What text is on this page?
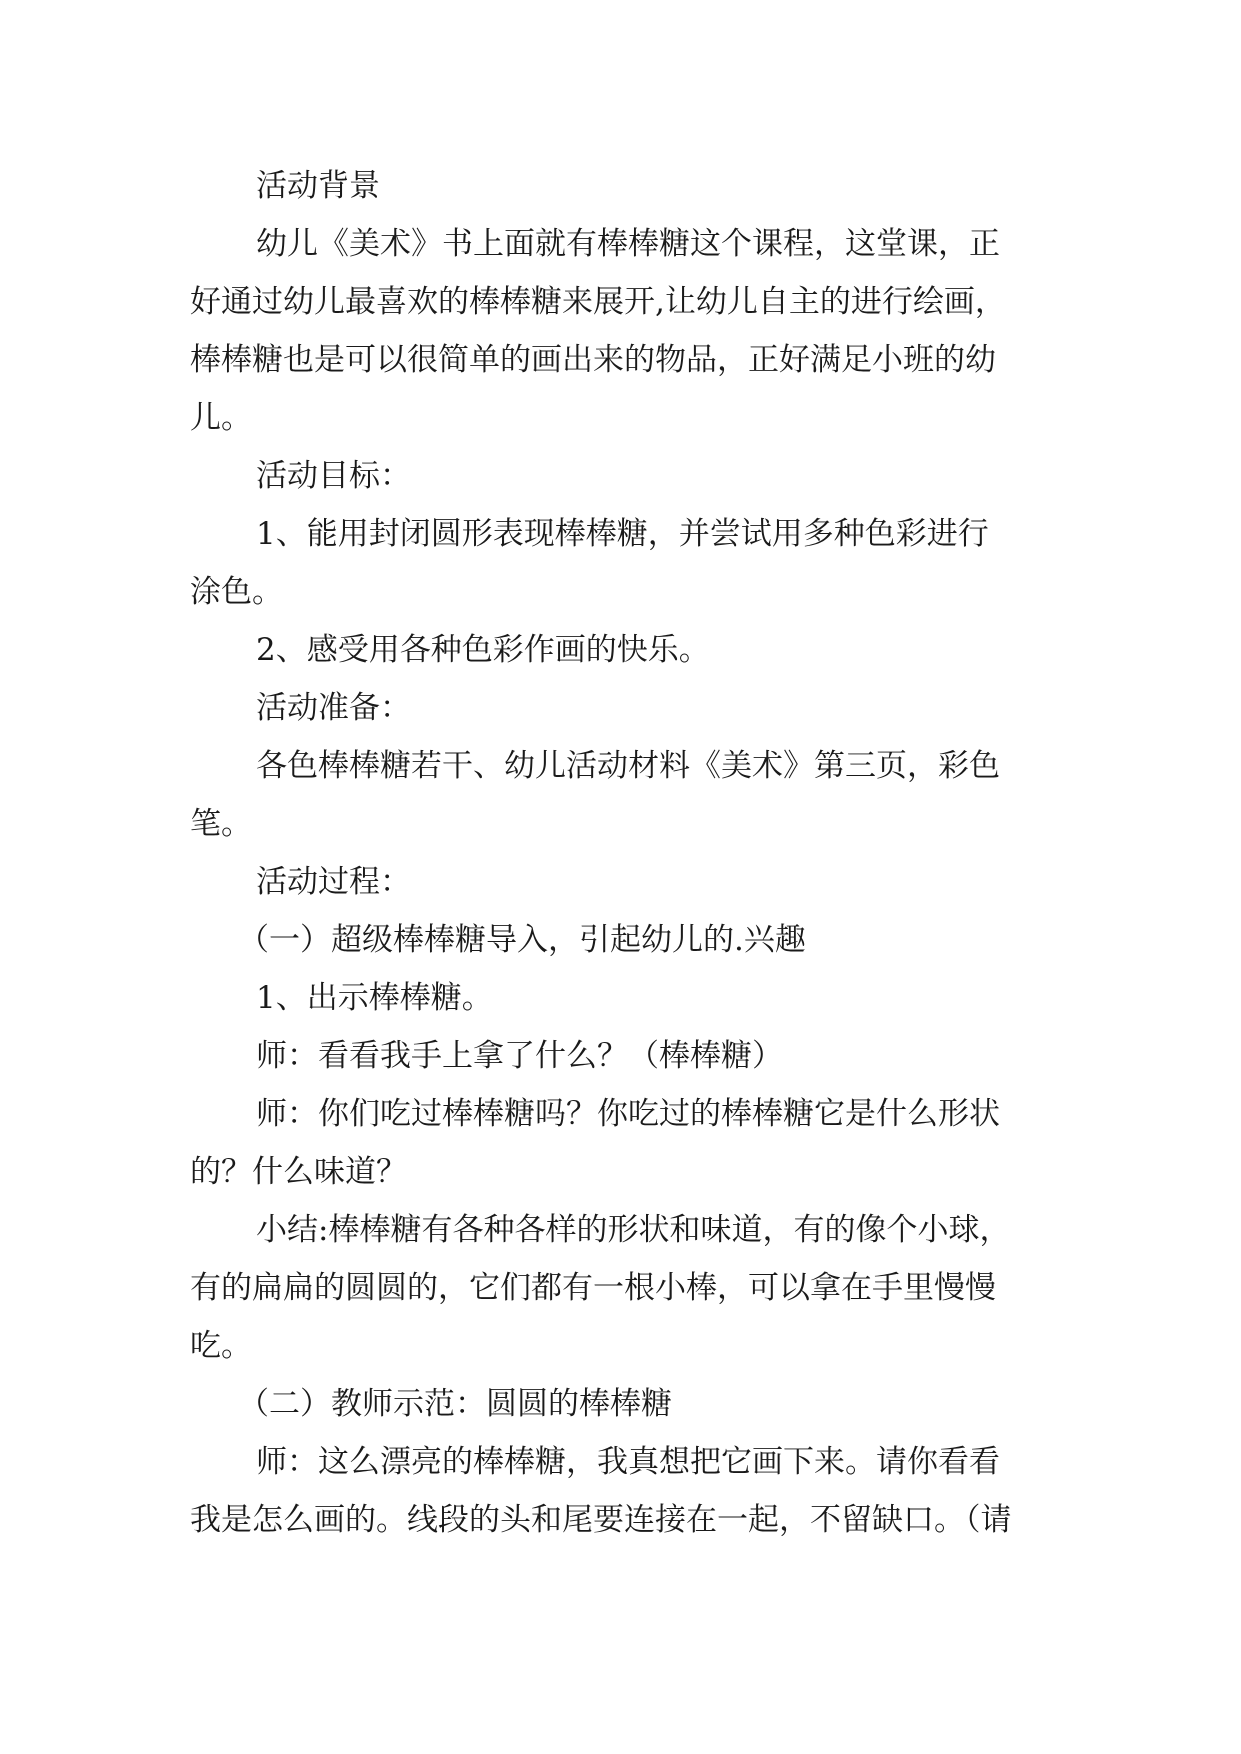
活动背景
幼儿《美术》书上面就有棒棒糖这个课程，这堂课，正
好通过幼儿最喜欢的棒棒糖来展开,让幼儿自主的进行绘画，
棒棒糖也是可以很简单的画出来的物品，正好满足小班的幼
儿。
活动目标：
1、能用封闭圆形表现棒棒糖，并尝试用多种色彩进行
涂色。
2、感受用各种色彩作画的快乐。
活动准备：
各色棒棒糖若干、幼儿活动材料《美术》第三页，彩色
笔。
活动过程：
（一）超级棒棒糖导入，引起幼儿的.兴趣
1、出示棒棒糖。
师：看看我手上拿了什么？（棒棒糖）
师：你们吃过棒棒糖吗？你吃过的棒棒糖它是什么形状
的？什么味道？
小结:棒棒糖有各种各样的形状和味道，有的像个小球，
有的扁扁的圆圆的，它们都有一根小棒，可以拿在手里慢慢
吃。
（二）教师示范：圆圆的棒棒糖
师：这么漂亮的棒棒糖，我真想把它画下来。请你看看
我是怎么画的。线段的头和尾要连接在一起，不留缺口。（请
